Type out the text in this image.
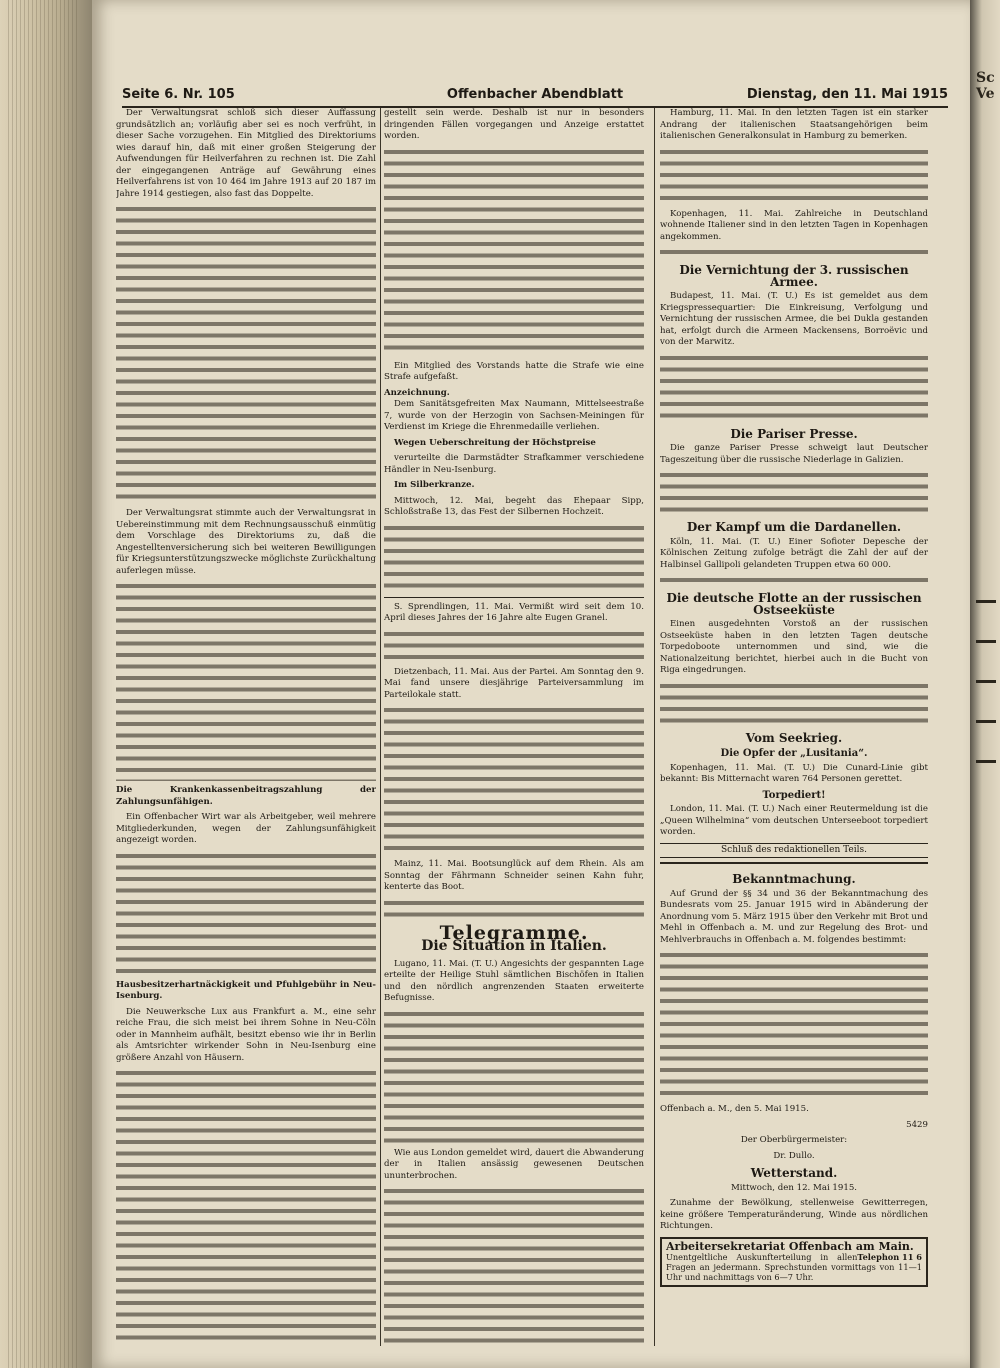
Seite 6. Nr. 105	Offenbacher Abendblatt	Dienstag, den 11. Mai 1915

Der Verwaltungsrat schloß sich dieser Auffassung grundsätzlich an; vorläufig aber sei es noch verfrüht, in dieser Sache vorzugehen. Ein Mitglied des Direktoriums wies darauf hin, daß mit einer großen Steigerung der Aufwendungen für Heilverfahren zu rechnen ist. Die Zahl der eingegangenen Anträge auf Gewährung eines Heilverfahrens ist von 10 464 im Jahre 1913 auf 20 187 im Jahre 1914 gestiegen, also fast das Doppelte.

Der Verwaltungsrat stimmte auch der Verwaltungsrat in Uebereinstimmung mit dem Rechnungsausschuß einmütig dem Vorschlage des Direktoriums zu, daß die Angestelltenversicherung sich bei weiteren Bewilligungen für Kriegsunterstützungszwecke möglichste Zurückhaltung auferlegen müsse.

Die Krankenkassenbeitragszahlung der Zahlungsunfähigen.

Ein Offenbacher Wirt war als Arbeitgeber, weil mehrere Mitgliederkunden, wegen der Zahlungsunfähigkeit angezeigt worden.

Hausbesitzerhartnäckigkeit und Pfuhlgebühr in Neu-Isenburg.

Die Neuwerksche Lux aus Frankfurt a. M., eine sehr reiche Frau, die sich meist bei ihrem Sohne in Neu-Cöln oder in Mannheim aufhält, besitzt ebenso wie ihr in Berlin als Amtsrichter wirkender Sohn in Neu-Isenburg eine größere Anzahl von Häusern.

gestellt sein werde. Deshalb ist nur in besonders dringenden Fällen vorgegangen und Anzeige erstattet worden.

Ein Mitglied des Vorstands hatte die Strafe wie eine Strafe aufgefaßt.

Anzeichnung.

Dem Sanitätsgefreiten Max Naumann, Mittelseestraße 7, wurde von der Herzogin von Sachsen-Meiningen für Verdienst im Kriege die Ehrenmedaille verliehen.

Wegen Ueberschreitung der Höchstpreise

verurteilte die Darmstädter Strafkammer verschiedene Händler in Neu-Isenburg.

Im Silberkranze.

Mittwoch, 12. Mai, begeht das Ehepaar Sipp, Schloßstraße 13, das Fest der Silbernen Hochzeit.

S. Sprendlingen, 11. Mai. Vermißt wird seit dem 10. April dieses Jahres der 16 Jahre alte Eugen Granel.

Dietzenbach, 11. Mai. Aus der Partei. Am Sonntag den 9. Mai fand unsere diesjährige Parteiversammlung im Parteilokale statt.

Mainz, 11. Mai. Bootsunglück auf dem Rhein. Als am Sonntag der Fährmann Schneider seinen Kahn fuhr, kenterte das Boot.

Telegramme.
Die Situation in Italien.

Lugano, 11. Mai. (T. U.) Angesichts der gespannten Lage erteilte der Heilige Stuhl sämtlichen Bischöfen in Italien und den nördlich angrenzenden Staaten erweiterte Befugnisse.

Wie aus London gemeldet wird, dauert die Abwanderung der in Italien ansässig gewesenen Deutschen ununterbrochen.

Hamburg, 11. Mai. In den letzten Tagen ist ein starker Andrang der italienischen Staatsangehörigen beim italienischen Generalkonsulat in Hamburg zu bemerken.

Kopenhagen, 11. Mai. Zahlreiche in Deutschland wohnende Italiener sind in den letzten Tagen in Kopenhagen angekommen.

Die Vernichtung der 3. russischen Armee.

Budapest, 11. Mai. (T. U.) Es ist gemeldet aus dem Kriegspressequartier: Die Einkreisung, Verfolgung und Vernichtung der russischen Armee, die bei Dukla gestanden hat, erfolgt durch die Armeen Mackensens, Borroëvic und von der Marwitz.

Die Pariser Presse.

Die ganze Pariser Presse schweigt laut Deutscher Tageszeitung über die russische Niederlage in Galizien.

Der Kampf um die Dardanellen.

Köln, 11. Mai. (T. U.) Einer Sofioter Depesche der Kölnischen Zeitung zufolge beträgt die Zahl der auf der Halbinsel Gallipoli gelandeten Truppen etwa 60 000.

Die deutsche Flotte an der russischen Ostseeküste

Einen ausgedehnten Vorstoß an der russischen Ostseeküste haben in den letzten Tagen deutsche Torpedoboote unternommen und sind, wie die Nationalzeitung berichtet, hierbei auch in die Bucht von Riga eingedrungen.

Vom Seekrieg.
Die Opfer der „Lusitania“.

Kopenhagen, 11. Mai. (T. U.) Die Cunard-Linie gibt bekannt: Bis Mitternacht waren 764 Personen gerettet.

Torpediert!

London, 11. Mai. (T. U.) Nach einer Reutermeldung ist die „Queen Wilhelmina“ vom deutschen Unterseeboot torpediert worden.

Schluß des redaktionellen Teils.
Bekanntmachung.

Auf Grund der §§ 34 und 36 der Bekanntmachung des Bundesrats vom 25. Januar 1915 wird in Abänderung der Anordnung vom 5. März 1915 über den Verkehr mit Brot und Mehl in Offenbach a. M. und zur Regelung des Brot- und Mehlverbrauchs in Offenbach a. M. folgendes bestimmt:

Offenbach a. M., den 5. Mai 1915.

5429

Der Oberbürgermeister:

Dr. Dullo.

Wetterstand.

Mittwoch, den 12. Mai 1915.

Zunahme der Bewölkung, stellenweise Gewitterregen, keine größere Temperaturänderung, Winde aus nördlichen Richtungen.

Arbeitersekretariat Offenbach am Main.
Telephon 11 6
Unentgeltliche Auskunfterteilung in allen Fragen an jedermann. Sprechstunden vormittags von 11—1 Uhr und nachmittags von 6—7 Uhr.
Sc
Ve
